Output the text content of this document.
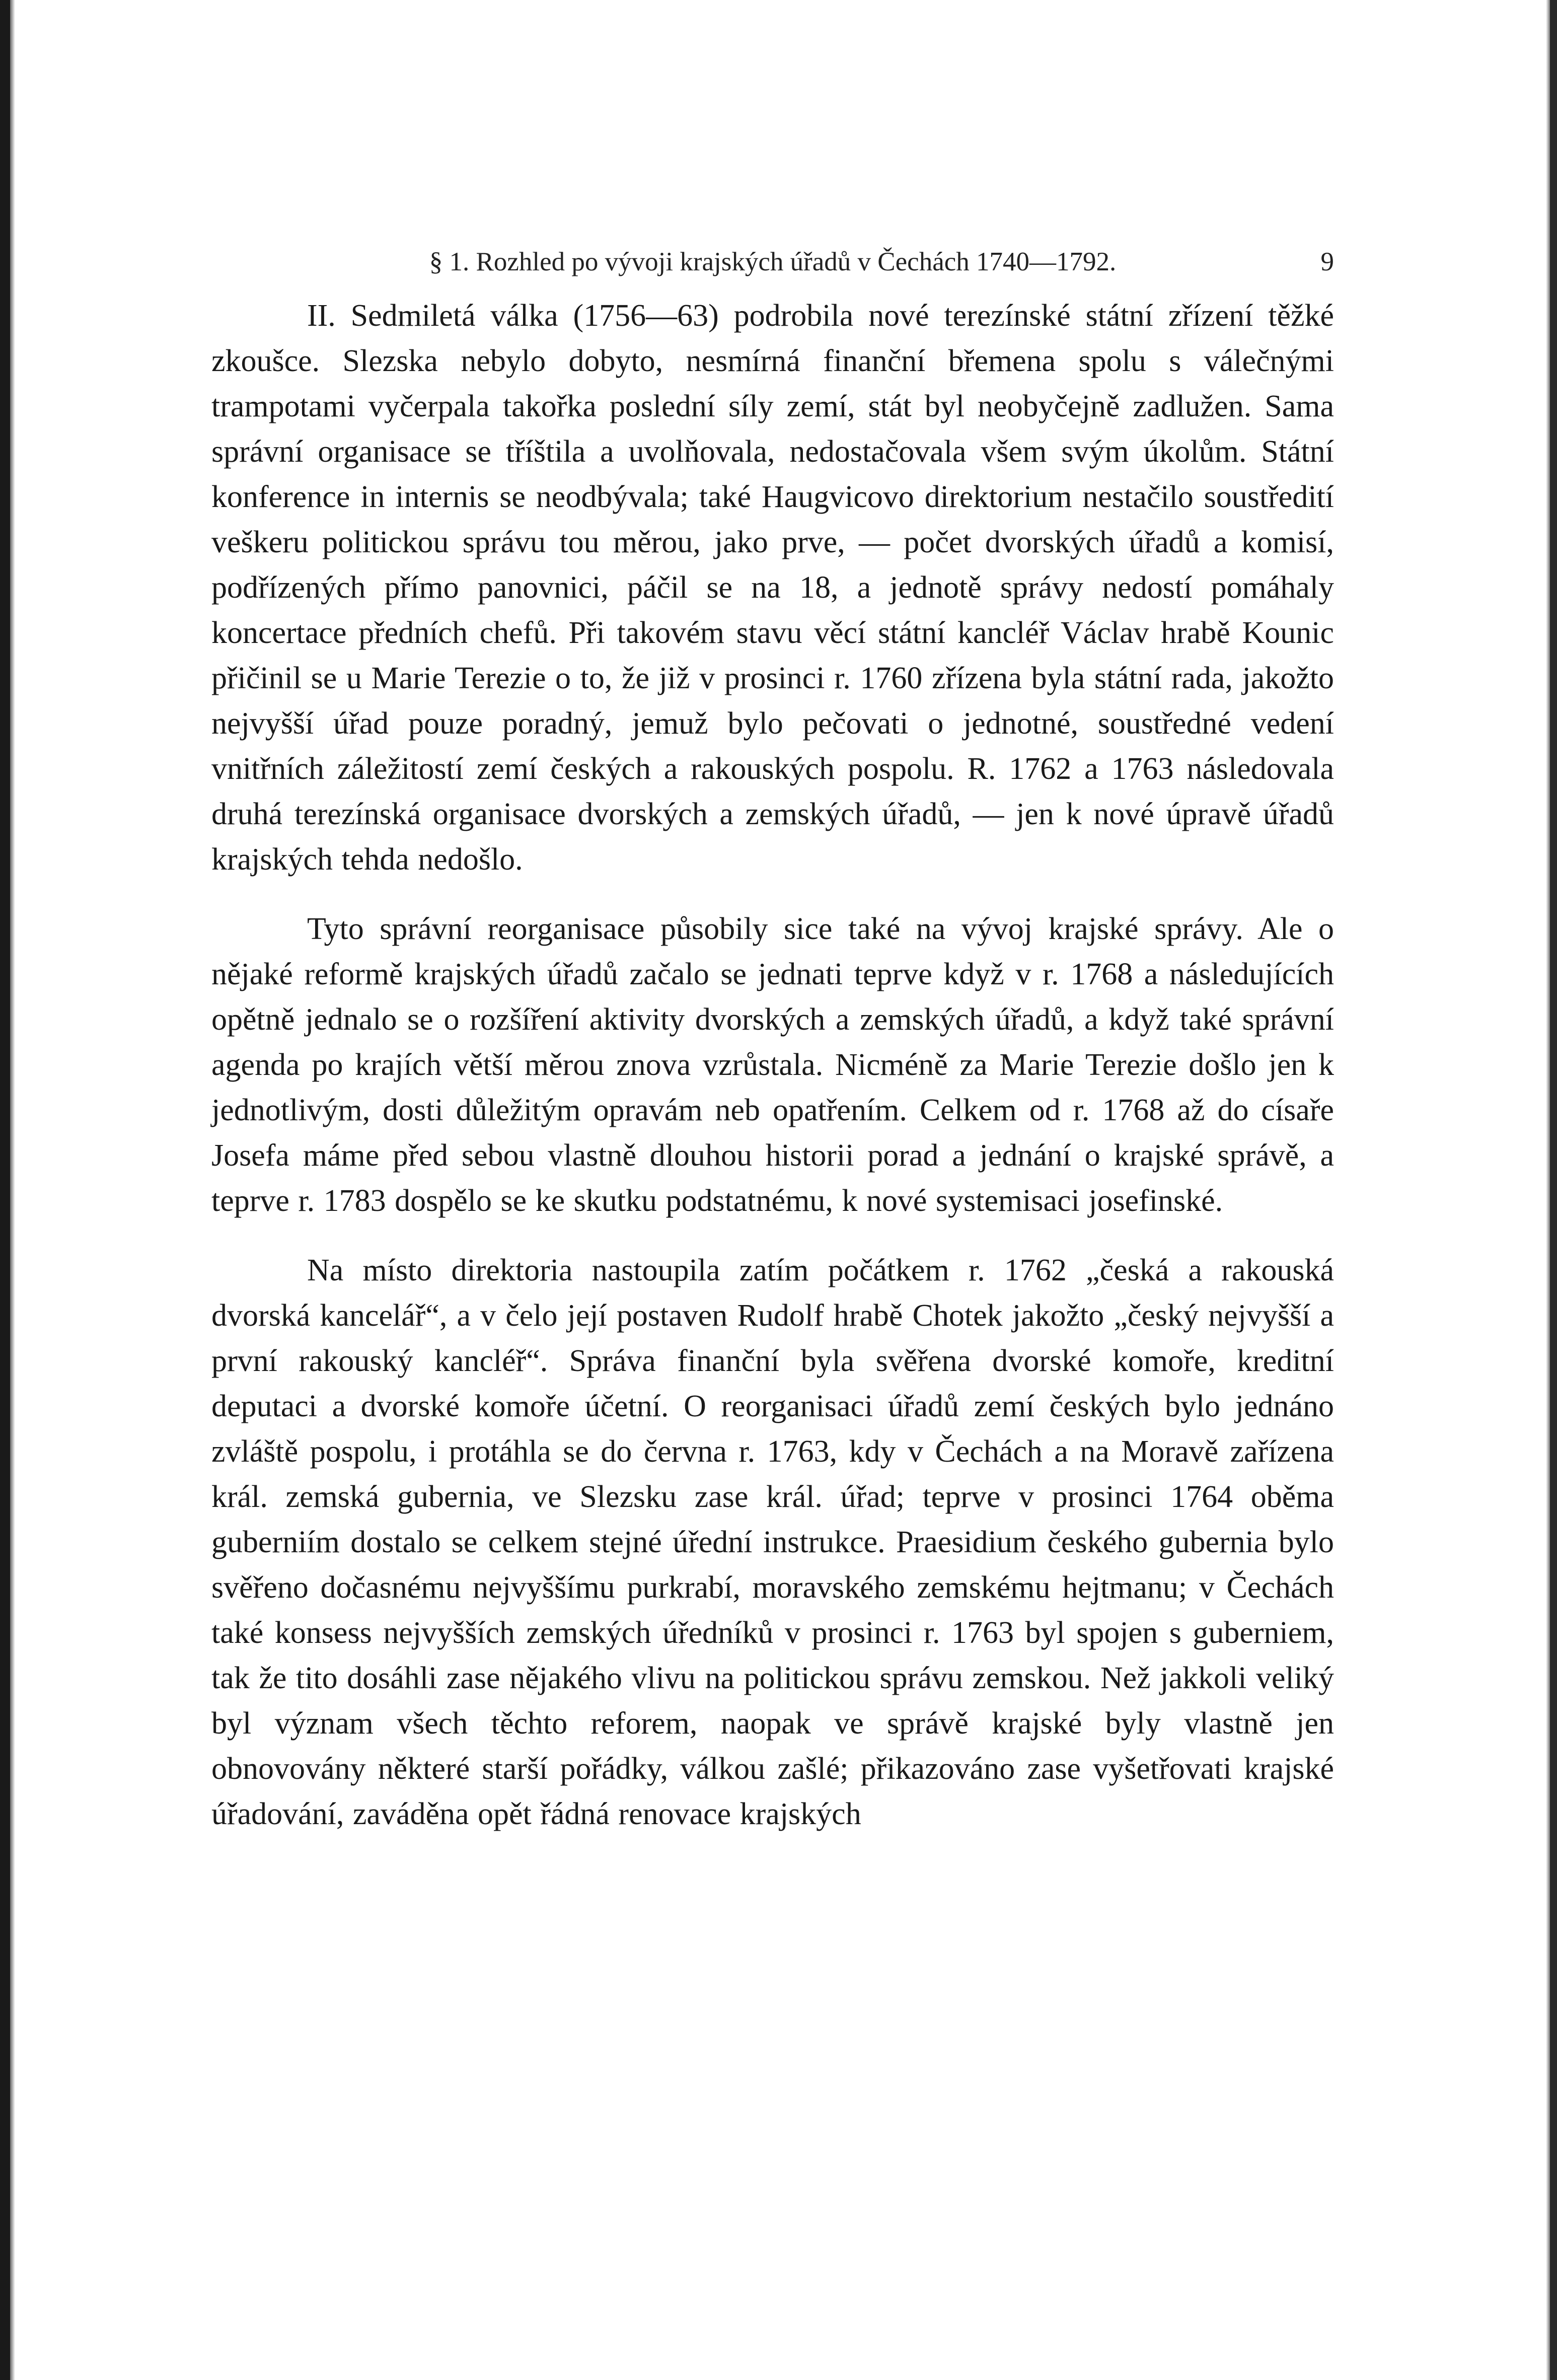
§ 1. Rozhled po vývoji krajských úřadů v Čechách 1740—1792.	9

II. Sedmiletá válka (1756—63) podrobila nové terezínské státní zřízení těžké zkoušce. Slezska nebylo dobyto, nesmírná finanční břemena spolu s válečnými trampotami vyčerpala takořka poslední síly zemí, stát byl neobyčejně zadlužen. Sama správní organisace se tříštila a uvolňovala, nedostačovala všem svým úkolům. Státní konference in internis se neodbývala; také Haugvicovo direktorium nestačilo soustředití veškeru politickou správu tou měrou, jako prve, — počet dvorských úřadů a komisí, podřízených přímo panovnici, páčil se na 18, a jednotě správy nedostí pomáhaly koncertace předních chefů. Při takovém stavu věcí státní kancléř Václav hrabě Kounic přičinil se u Marie Terezie o to, že již v prosinci r. 1760 zřízena byla státní rada, jakožto nejvyšší úřad pouze poradný, jemuž bylo pečovati o jednotné, soustředné vedení vnitřních záležitostí zemí českých a rakouských pospolu. R. 1762 a 1763 následovala druhá terezínská organisace dvorských a zemských úřadů, — jen k nové úpravě úřadů krajských tehda nedošlo.

Tyto správní reorganisace působily sice také na vývoj krajské správy. Ale o nějaké reformě krajských úřadů začalo se jednati teprve když v r. 1768 a následujících opětně jednalo se o rozšíření aktivity dvorských a zemských úřadů, a když také správní agenda po krajích větší měrou znova vzrůstala. Nicméně za Marie Terezie došlo jen k jednotlivým, dosti důležitým opravám neb opatřením. Celkem od r. 1768 až do císaře Josefa máme před sebou vlastně dlouhou historii porad a jednání o krajské správě, a teprve r. 1783 dospělo se ke skutku podstatnému, k nové systemisaci josefinské.

Na místo direktoria nastoupila zatím počátkem r. 1762 „česká a rakouská dvorská kancelář“, a v čelo její postaven Rudolf hrabě Chotek jakožto „český nejvyšší a první rakouský kancléř“. Správa finanční byla svěřena dvorské komoře, kreditní deputaci a dvorské komoře účetní. O reorganisaci úřadů zemí českých bylo jednáno zvláště pospolu, i protáhla se do června r. 1763, kdy v Čechách a na Moravě zařízena král. zemská gubernia, ve Slezsku zase král. úřad; teprve v prosinci 1764 oběma guberniím dostalo se celkem stejné úřední instrukce. Praesidium českého gubernia bylo svěřeno dočasnému nejvyššímu purkrabí, moravského zemskému hejtmanu; v Čechách také konsess nejvyšších zemských úředníků v prosinci r. 1763 byl spojen s guberniem, tak že tito dosáhli zase nějakého vlivu na politickou správu zemskou. Než jakkoli veliký byl význam všech těchto reforem, naopak ve správě krajské byly vlastně jen obnovovány některé starší pořádky, válkou zašlé; přikazováno zase vyšetřovati krajské úřadování, zaváděna opět řádná renovace krajských
